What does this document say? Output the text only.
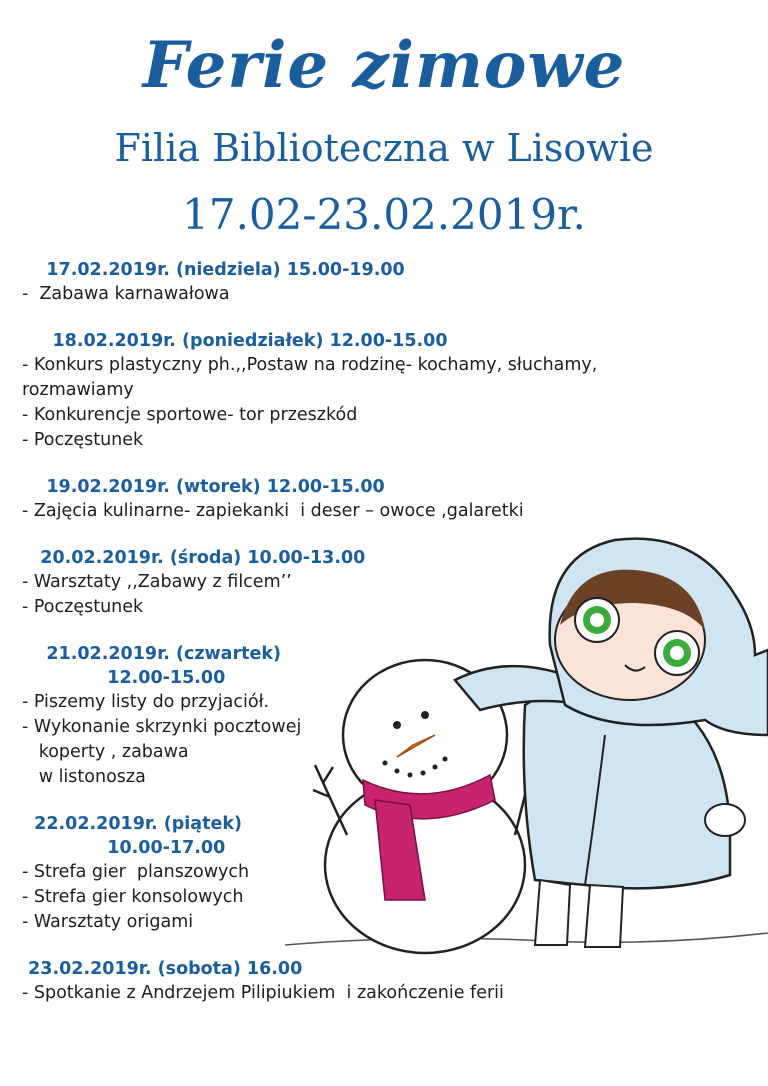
Ferie zimowe
Filia Biblioteczna w Lisowie
17.02-23.02.2019r.
17.02.2019r. (niedziela) 15.00-19.00
-  Zabawa karnawałowa
18.02.2019r. (poniedziałek) 12.00-15.00
- Konkurs plastyczny ph.,,Postaw na rodzinę- kochamy, słuchamy,
rozmawiamy
- Konkurencje sportowe- tor przeszkód
- Poczęstunek
19.02.2019r. (wtorek) 12.00-15.00
- Zajęcia kulinarne- zapiekanki  i deser – owoce ,galaretki
20.02.2019r. (środa) 10.00-13.00
- Warsztaty ,,Zabawy z filcem’’
- Poczęstunek
21.02.2019r. (czwartek)
12.00-15.00
- Piszemy listy do przyjaciół.
- Wykonanie skrzynki pocztowej
koperty , zabawa
w listonosza
22.02.2019r. (piątek)
10.00-17.00
- Strefa gier  planszowych
- Strefa gier konsolowych
- Warsztaty origami
23.02.2019r. (sobota) 16.00
- Spotkanie z Andrzejem Pilipiukiem  i zakończenie ferii
